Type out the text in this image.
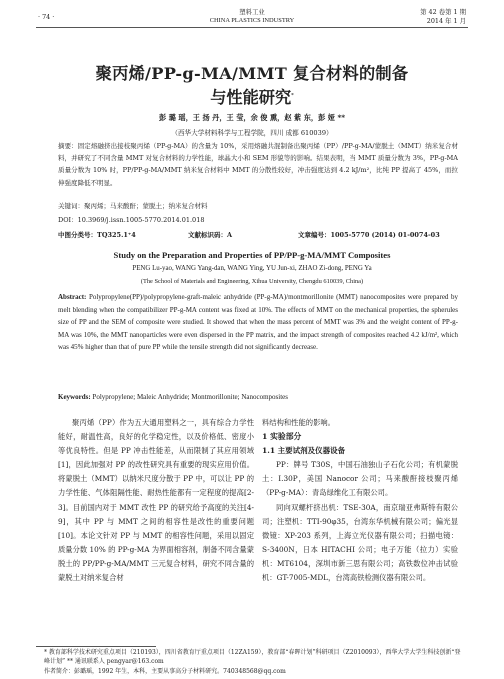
· 74 ·
塑料工业
CHINA PLASTICS INDUSTRY
第 42 卷第 1 期
2014 年 1 月
聚丙烯/PP-g-MA/MMT 复合材料的制备
与性能研究*
彭 璐 瑶，王 扬 丹，王 莹，余 俊 熏，赵 紫 东，彭 娅 **
（西华大学材料科学与工程学院，四川 成都 610039）
摘要：固定熔融挤出接枝聚丙烯（PP-g-MA）的含量为 10%，采用熔融共混制备出聚丙烯（PP）/PP-g-MA/蒙脱土（MMT）纳米复合材料，并研究了不同含量 MMT 对复合材料的力学性能，球晶大小和 SEM 形貌等的影响。结果表明，当 MMT 质量分数为 3%，PP-g-MA 质量分数为 10% 时，PP/PP-g-MA/MMT 纳米复合材料中 MMT 的分散性较好，冲击强度达到 4.2 kJ/m²，比纯 PP 提高了 45%，而拉伸强度降低不明显。
关键词：聚丙烯；马来酸酐；蒙脱土；纳米复合材料
DOI：10.3969/j.issn.1005-5770.2014.01.018
中图分类号：TQ325.1⁺4	文献标识码：A	文章编号：1005-5770 (2014) 01-0074-03
Study on the Preparation and Properties of PP/PP-g-MA/MMT Composites
PENG Lu-yao, WANG Yang-dan, WANG Ying, YU Jun-xi, ZHAO Zi-dong, PENG Ya
(The School of Materials and Engineering, Xihua University, Chengdu 610039, China)
Abstract: Polypropylene(PP)/polypropylene-graft-maleic anhydride (PP-g-MA)/montmorillonite (MMT) nanocomposites were prepared by melt blending when the compatibilizer PP-g-MA content was fixed at 10%. The effects of MMT on the mechanical properties, the spherules size of PP and the SEM of composite were studied. It showed that when the mass percent of MMT was 3% and the weight content of PP-g-MA was 10%, the MMT nanoparticles were even dispersed in the PP matrix, and the impact strength of composites reached 4.2 kJ/m², which was 45% higher than that of pure PP while the tensile strength did not significantly decrease.
Keywords: Polypropylene; Maleic Anhydride; Montmorillonite; Nanocomposites

聚丙烯（PP）作为五大通用塑料之一，具有综合力学性能好，耐温性高，良好的化学稳定性，以及价格低、密度小等优良特性。但是 PP 冲击性能差，从而限制了其应用领域[1]，因此加强对 PP 的改性研究具有重要的现实应用价值。将蒙脱土（MMT）以纳米尺度分散于 PP 中，可以让 PP 的力学性能、气体阻隔性能、耐热性能都有一定程度的提高[2-3]。目前国内对于 MMT 改性 PP 的研究给予高度的关注[4-9]，其中 PP 与 MMT 之间的相容性是改性的重要问题[10]。本论文针对 PP 与 MMT 的相容性问题，采用以固定质量分数 10% 的 PP-g-MA 为界面相容剂，制备不同含量蒙脱土的 PP/PP-g-MA/MMT 三元复合材料，研究不同含量的蒙脱土对纳米复合材

料结构和性能的影响。

1 实验部分

1.1 主要试剂及仪器设备

PP：牌号 T30S，中国石油独山子石化公司；有机蒙脱土：I.30P，美国 Nanocor 公司；马来酸酐接枝聚丙烯（PP-g-MA）：青岛绿维化工有限公司。

同向双螺杆挤出机：TSE-30A，南京瑞亚弗斯特有限公司；注塑机：TTI-90φ35，台湾东华机械有限公司；偏光显微镜：XP-203 系列，上海立光仪器有限公司；扫描电镜：S-3400N，日本 HITACHI 公司；电子万能（拉力）实验机：MT6104，深圳市新三思有限公司；高铁数位冲击试验机：GT-7005-MDL，台湾高铁检测仪器有限公司。

* 教育部科学技术研究重点项目（210193），四川省教育厅重点项目（12ZA159），教育部“春晖计划”科研项目（Z2010093），西华大学大学生科技创新“登峰计划” ** 通讯联系人 pengyar@163.com
作者简介：彭璐瑶，1992 年生，本科，主要从事高分子材料研究。740348568@qq.com
